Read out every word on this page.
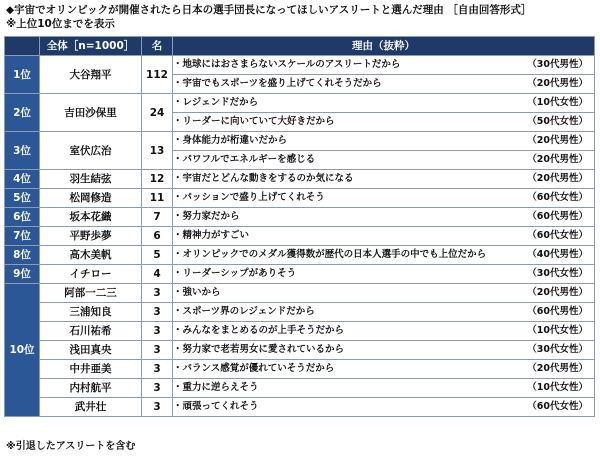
◆宇宙でオリンピックが開催されたら日本の選手団長になってほしいアスリートと選んだ理由 ［自由回答形式］
※上位10位までを表示
	全体［n=1000］	名	理由（抜粋）
1位	大谷翔平	112	・地球にはおさまらないスケールのアスリートだから （30代男性）

			・宇宙でもスポーツを盛り上げてくれそうだから （20代男性）

2位	吉田沙保里	24	・レジェンドだから （10代女性）

			・リーダーに向いていて大好きだから （50代女性）

3位	室伏広治	13	・身体能力が桁違いだから （20代男性）

			・パワフルでエネルギーを感じる （20代男性）

4位	羽生結弦	12	・宇宙だとどんな動きをするのか気になる （20代男性）

5位	松岡修造	11	・パッションで盛り上げてくれそう （60代女性）

6位	坂本花織	7	・努力家だから （60代男性）

7位	平野歩夢	6	・精神力がすごい （60代女性）

8位	高木美帆	5	・オリンピックでのメダル獲得数が歴代の日本人選手の中でも上位だから （40代男性）

9位	イチロー	4	・リーダーシップがありそう （30代女性）

10位	阿部一二三	3	・強いから （20代男性）

	三浦知良	3	・スポーツ界のレジェンドだから （60代男性）

	石川祐希	3	・みんなをまとめるのが上手そうだから （10代女性）

	浅田真央	3	・努力家で老若男女に愛されているから （30代女性）

	中井亜美	3	・バランス感覚が優れていそうだから （20代男性）

	内村航平	3	・重力に逆らえそう （10代女性）

	武井壮	3	・頑張ってくれそう （60代女性）
※引退したアスリートを含む
